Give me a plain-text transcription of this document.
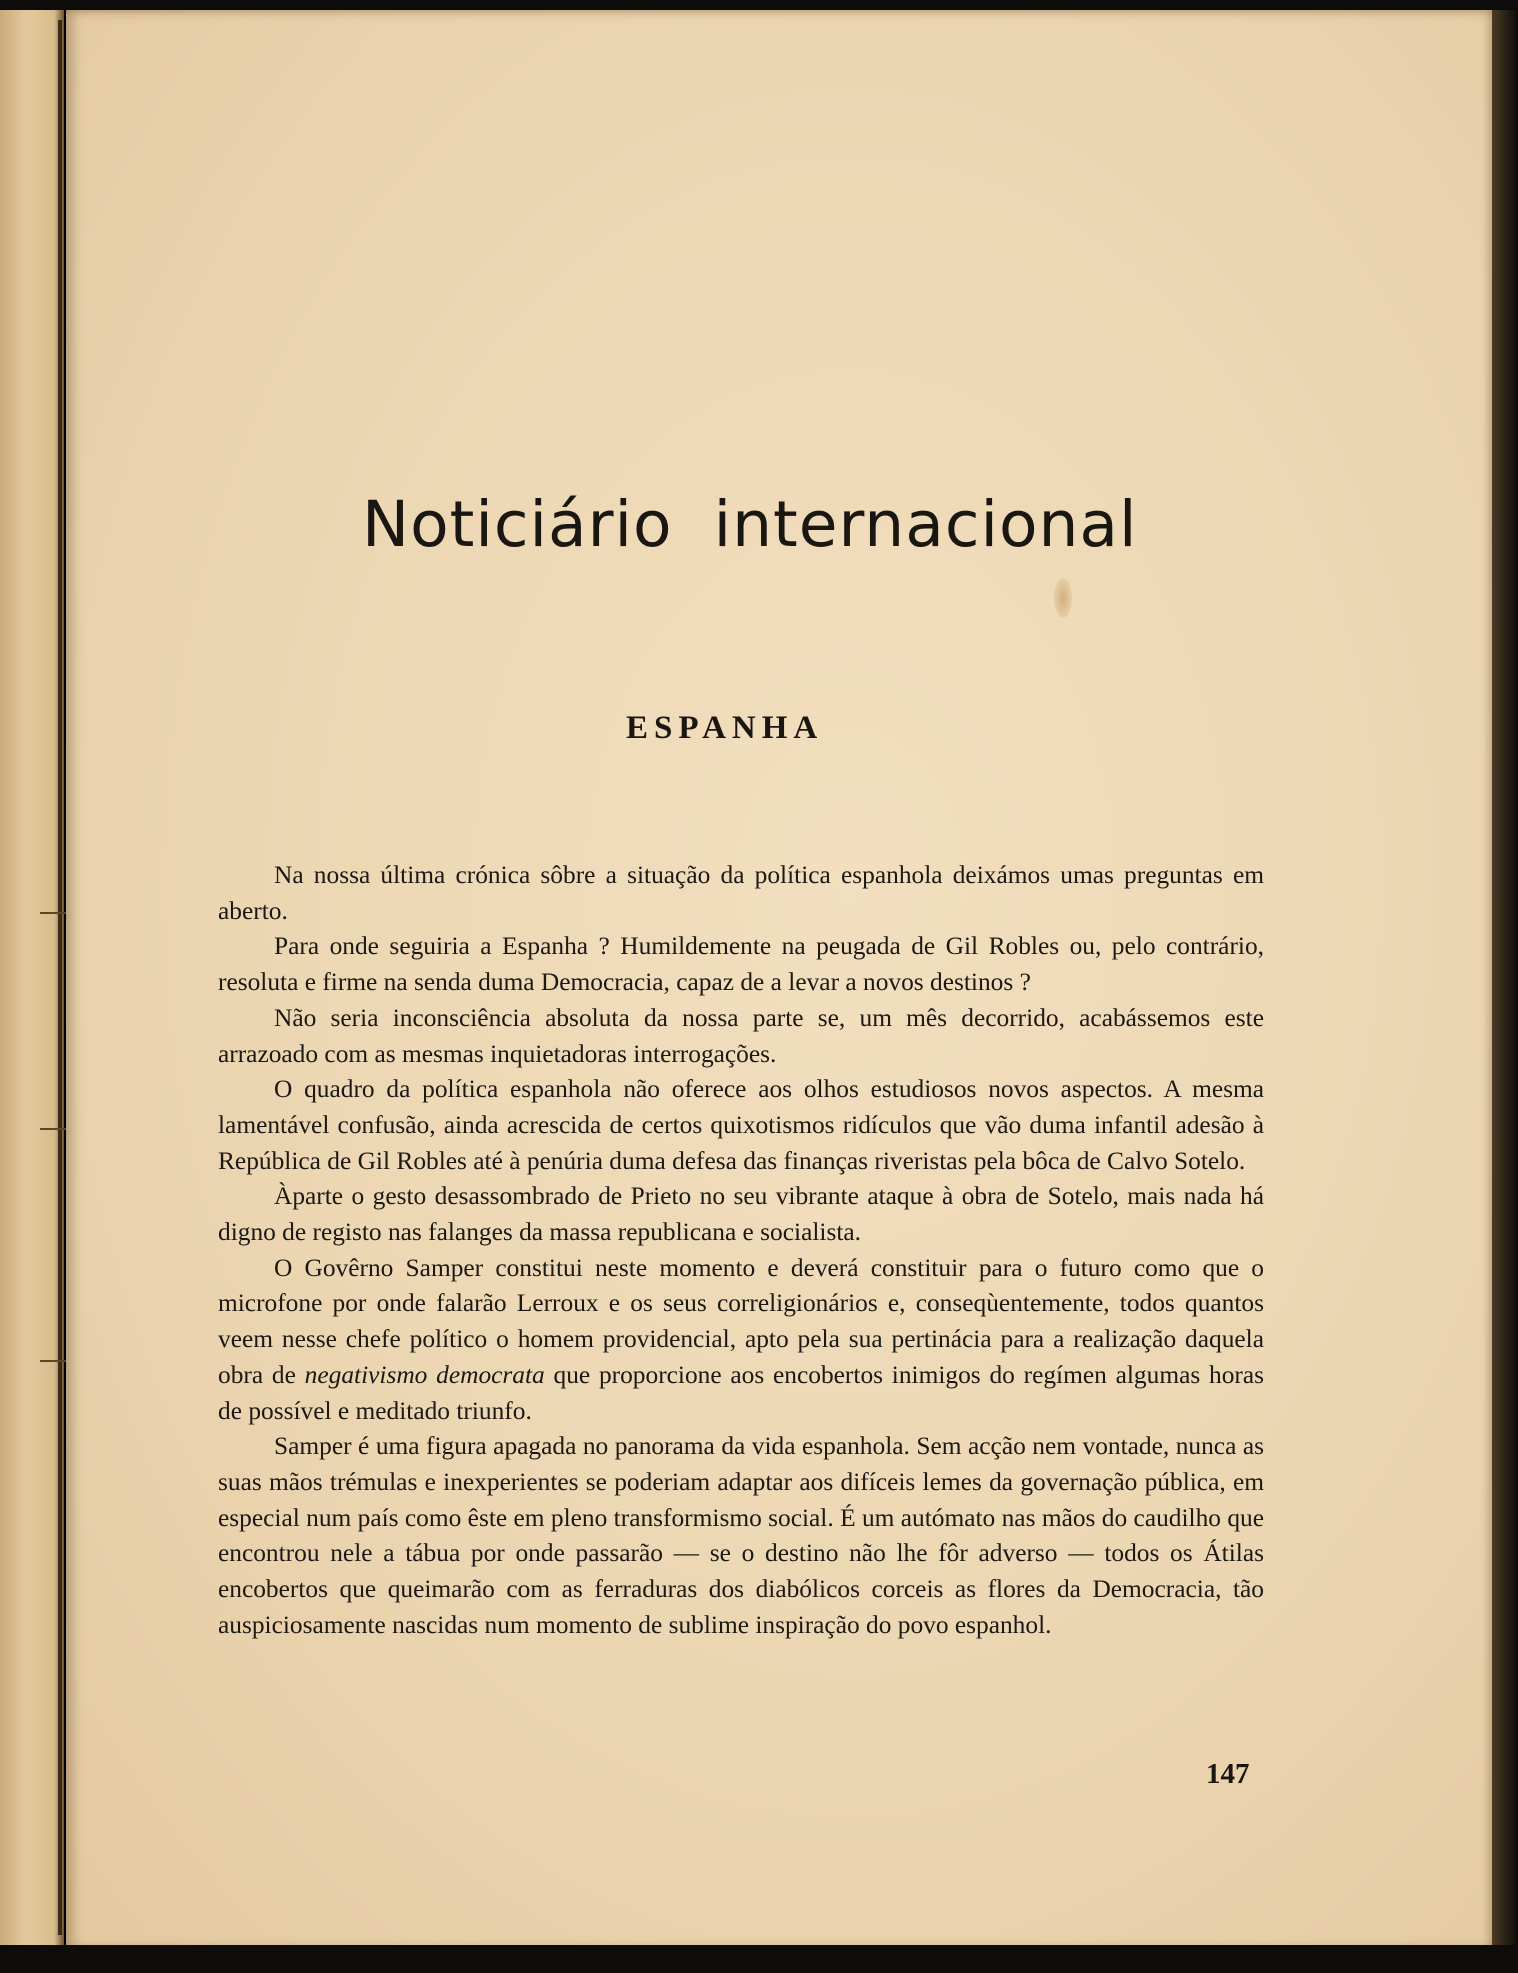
Noticiário internacional
ESPANHA

Na nossa última crónica sôbre a situação da política espanhola deixámos umas preguntas em aberto.

Para onde seguiria a Espanha ? Humildemente na peugada de Gil Robles ou, pelo contrário, resoluta e firme na senda duma Democracia, capaz de a levar a novos destinos ?

Não seria inconsciência absoluta da nossa parte se, um mês decorrido, acabássemos este arrazoado com as mesmas inquietadoras interrogações.

O quadro da política espanhola não oferece aos olhos estudiosos novos aspectos. A mesma lamentável confusão, ainda acrescida de certos quixotismos ridículos que vão duma infantil adesão à República de Gil Robles até à penúria duma defesa das finanças riveristas pela bôca de Calvo Sotelo.

Àparte o gesto desassombrado de Prieto no seu vibrante ataque à obra de Sotelo, mais nada há digno de registo nas falanges da massa republicana e socialista.

O Govêrno Samper constitui neste momento e deverá constituir para o futuro como que o microfone por onde falarão Lerroux e os seus correligionários e, conseqùentemente, todos quantos veem nesse chefe político o homem providencial, apto pela sua pertinácia para a realização daquela obra de negativismo democrata que proporcione aos encobertos inimigos do regímen algumas horas de possível e meditado triunfo.

Samper é uma figura apagada no panorama da vida espanhola. Sem acção nem vontade, nunca as suas mãos trémulas e inexperientes se poderiam adaptar aos difíceis lemes da governação pública, em especial num país como êste em pleno transformismo social. É um autómato nas mãos do caudilho que encontrou nele a tábua por onde passarão — se o destino não lhe fôr adverso — todos os Átilas encobertos que queimarão com as ferraduras dos diabólicos corceis as flores da Democracia, tão auspiciosamente nascidas num momento de sublime inspiração do povo espanhol.

147
